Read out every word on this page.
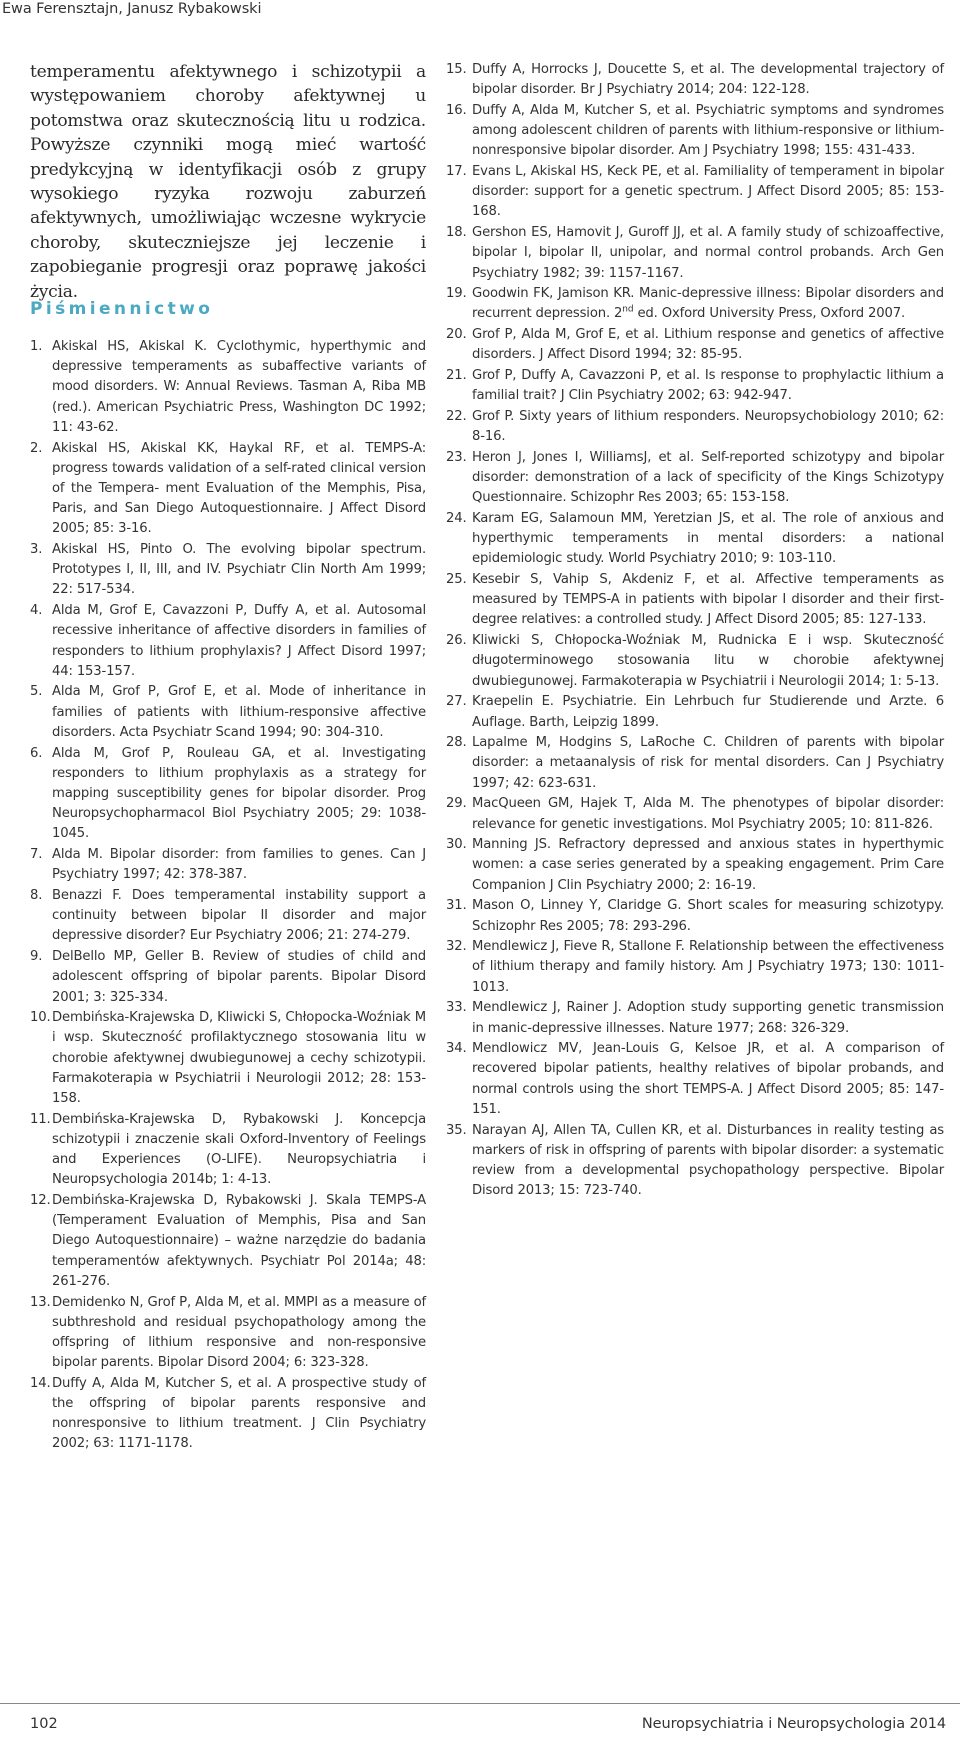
Ewa Ferensztajn, Janusz Rybakowski

temperamentu afektywnego i schizotypii a występowaniem choroby afektywnej u potomstwa oraz skutecznością litu u rodzica. Powyższe czynniki mogą mieć wartość predykcyjną w identyfikacji osób z grupy wysokiego ryzyka rozwoju zaburzeń afektywnych, umożliwiając wczesne wykrycie choroby, skuteczniejsze jej leczenie i zapobieganie progresji oraz poprawę jakości życia.

Piśmiennictwo
1. Akiskal HS, Akiskal K. Cyclothymic, hyperthymic and depressive temperaments as subaffective variants of mood disorders. W: Annual Reviews. Tasman A, Riba MB (red.). American Psychiatric Press, Washington DC 1992; 11: 43-62.
2. Akiskal HS, Akiskal KK, Haykal RF, et al. TEMPS-A: progress towards validation of a self-rated clinical version of the Tempera- ment Evaluation of the Memphis, Pisa, Paris, and San Diego Autoquestionnaire. J Affect Disord 2005; 85: 3-16.
3. Akiskal HS, Pinto O. The evolving bipolar spectrum. Prototypes I, II, III, and IV. Psychiatr Clin North Am 1999; 22: 517-534.
4. Alda M, Grof E, Cavazzoni P, Duffy A, et al. Autosomal recessive inheritance of affective disorders in families of responders to lithium prophylaxis? J Affect Disord 1997; 44: 153-157.
5. Alda M, Grof P, Grof E, et al. Mode of inheritance in families of patients with lithium-responsive affective disorders. Acta Psychiatr Scand 1994; 90: 304-310.
6. Alda M, Grof P, Rouleau GA, et al. Investigating responders to lithium prophylaxis as a strategy for mapping susceptibility genes for bipolar disorder. Prog Neuropsychopharmacol Biol Psychiatry 2005; 29: 1038-1045.
7. Alda M. Bipolar disorder: from families to genes. Can J Psychiatry 1997; 42: 378-387.
8. Benazzi F. Does temperamental instability support a continuity between bipolar II disorder and major depressive disorder? Eur Psychiatry 2006; 21: 274-279.
9. DelBello MP, Geller B. Review of studies of child and adolescent offspring of bipolar parents. Bipolar Disord 2001; 3: 325-334.
10. Dembińska-Krajewska D, Kliwicki S, Chłopocka-Woźniak M i wsp. Skuteczność profilaktycznego stosowania litu w chorobie afektywnej dwubiegunowej a cechy schizotypii. Farmakoterapia w Psychiatrii i Neurologii 2012; 28: 153-158.
11. Dembińska-Krajewska D, Rybakowski J. Koncepcja schizotypii i znaczenie skali Oxford-Inventory of Feelings and Experiences (O-LIFE). Neuropsychiatria i Neuropsychologia 2014b; 1: 4-13.
12. Dembińska-Krajewska D, Rybakowski J. Skala TEMPS-A (Temperament Evaluation of Memphis, Pisa and San Diego Autoquestionnaire) – ważne narzędzie do badania temperamentów afektywnych. Psychiatr Pol 2014a; 48: 261-276.
13. Demidenko N, Grof P, Alda M, et al. MMPI as a measure of subthreshold and residual psychopathology among the offspring of lithium responsive and non-responsive bipolar parents. Bipolar Disord 2004; 6: 323-328.
14. Duffy A, Alda M, Kutcher S, et al. A prospective study of the offspring of bipolar parents responsive and nonresponsive to lithium treatment. J Clin Psychiatry 2002; 63: 1171-1178.
15. Duffy A, Horrocks J, Doucette S, et al. The developmental trajectory of bipolar disorder. Br J Psychiatry 2014; 204: 122-128.
16. Duffy A, Alda M, Kutcher S, et al. Psychiatric symptoms and syndromes among adolescent children of parents with lithium-responsive or lithium-nonresponsive bipolar disorder. Am J Psychiatry 1998; 155: 431-433.
17. Evans L, Akiskal HS, Keck PE, et al. Familiality of temperament in bipolar disorder: support for a genetic spectrum. J Affect Disord 2005; 85: 153-168.
18. Gershon ES, Hamovit J, Guroff JJ, et al. A family study of schizoaffective, bipolar I, bipolar II, unipolar, and normal control probands. Arch Gen Psychiatry 1982; 39: 1157-1167.
19. Goodwin FK, Jamison KR. Manic-depressive illness: Bipolar disorders and recurrent depression. 2nd ed. Oxford University Press, Oxford 2007.
20. Grof P, Alda M, Grof E, et al. Lithium response and genetics of affective disorders. J Affect Disord 1994; 32: 85-95.
21. Grof P, Duffy A, Cavazzoni P, et al. Is response to prophylactic lithium a familial trait? J Clin Psychiatry 2002; 63: 942-947.
22. Grof P. Sixty years of lithium responders. Neuropsychobiology 2010; 62: 8-16.
23. Heron J, Jones I, WilliamsJ, et al. Self-reported schizotypy and bipolar disorder: demonstration of a lack of specificity of the Kings Schizotypy Questionnaire. Schizophr Res 2003; 65: 153-158.
24. Karam EG, Salamoun MM, Yeretzian JS, et al. The role of anxious and hyperthymic temperaments in mental disorders: a national epidemiologic study. World Psychiatry 2010; 9: 103-110.
25. Kesebir S, Vahip S, Akdeniz F, et al. Affective temperaments as measured by TEMPS-A in patients with bipolar I disorder and their first-degree relatives: a controlled study. J Affect Disord 2005; 85: 127-133.
26. Kliwicki S, Chłopocka-Woźniak M, Rudnicka E i wsp. Skuteczność długoterminowego stosowania litu w chorobie afektywnej dwubiegunowej. Farmakoterapia w Psychiatrii i Neurologii 2014; 1: 5-13.
27. Kraepelin E. Psychiatrie. Ein Lehrbuch fur Studierende und Arzte. 6 Auflage. Barth, Leipzig 1899.
28. Lapalme M, Hodgins S, LaRoche C. Children of parents with bipolar disorder: a metaanalysis of risk for mental disorders. Can J Psychiatry 1997; 42: 623-631.
29. MacQueen GM, Hajek T, Alda M. The phenotypes of bipolar disorder: relevance for genetic investigations. Mol Psychiatry 2005; 10: 811-826.
30. Manning JS. Refractory depressed and anxious states in hyperthymic women: a case series generated by a speaking engagement. Prim Care Companion J Clin Psychiatry 2000; 2: 16-19.
31. Mason O, Linney Y, Claridge G. Short scales for measuring schizotypy. Schizophr Res 2005; 78: 293-296.
32. Mendlewicz J, Fieve R, Stallone F. Relationship between the effectiveness of lithium therapy and family history. Am J Psychiatry 1973; 130: 1011-1013.
33. Mendlewicz J, Rainer J. Adoption study supporting genetic transmission in manic-depressive illnesses. Nature 1977; 268: 326-329.
34. Mendlowicz MV, Jean-Louis G, Kelsoe JR, et al. A comparison of recovered bipolar patients, healthy relatives of bipolar probands, and normal controls using the short TEMPS-A. J Affect Disord 2005; 85: 147-151.
35. Narayan AJ, Allen TA, Cullen KR, et al. Disturbances in reality testing as markers of risk in offspring of parents with bipolar disorder: a systematic review from a developmental psychopathology perspective. Bipolar Disord 2013; 15: 723-740.
102	Neuropsychiatria i Neuropsychologia 2014
